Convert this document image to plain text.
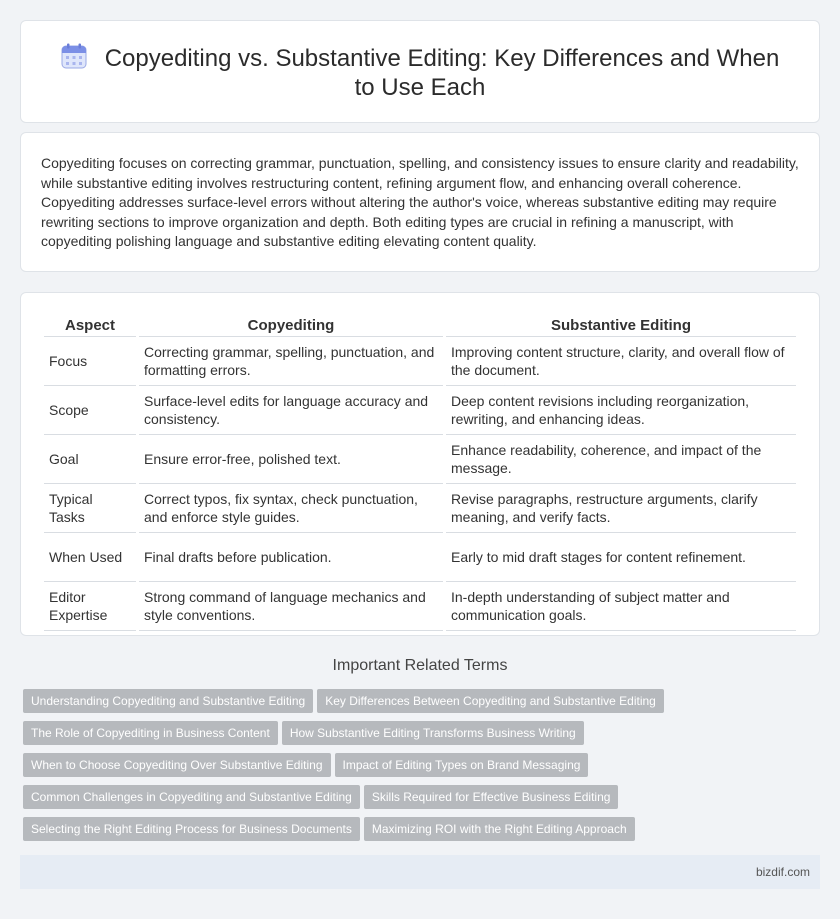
Copyediting vs. Substantive Editing: Key Differences and When to Use Each

Copyediting focuses on correcting grammar, punctuation, spelling, and consistency issues to ensure clarity and readability, while substantive editing involves restructuring content, refining argument flow, and enhancing overall coherence. Copyediting addresses surface-level errors without altering the author's voice, whereas substantive editing may require rewriting sections to improve organization and depth. Both editing types are crucial in refining a manuscript, with copyediting polishing language and substantive editing elevating content quality.

Aspect	Copyediting	Substantive Editing
Focus	Correcting grammar, spelling, punctuation, and formatting errors.	Improving content structure, clarity, and overall flow of the document.
Scope	Surface-level edits for language accuracy and consistency.	Deep content revisions including reorganization, rewriting, and enhancing ideas.
Goal	Ensure error-free, polished text.	Enhance readability, coherence, and impact of the message.
Typical Tasks	Correct typos, fix syntax, check punctuation, and enforce style guides.	Revise paragraphs, restructure arguments, clarify meaning, and verify facts.
When Used	Final drafts before publication.	Early to mid draft stages for content refinement.
Editor Expertise	Strong command of language mechanics and style conventions.	In-depth understanding of subject matter and communication goals.
Important Related Terms
Understanding Copyediting and Substantive Editing Key Differences Between Copyediting and Substantive Editing
The Role of Copyediting in Business Content How Substantive Editing Transforms Business Writing
When to Choose Copyediting Over Substantive Editing Impact of Editing Types on Brand Messaging
Common Challenges in Copyediting and Substantive Editing Skills Required for Effective Business Editing
Selecting the Right Editing Process for Business Documents Maximizing ROI with the Right Editing Approach
bizdif.com
